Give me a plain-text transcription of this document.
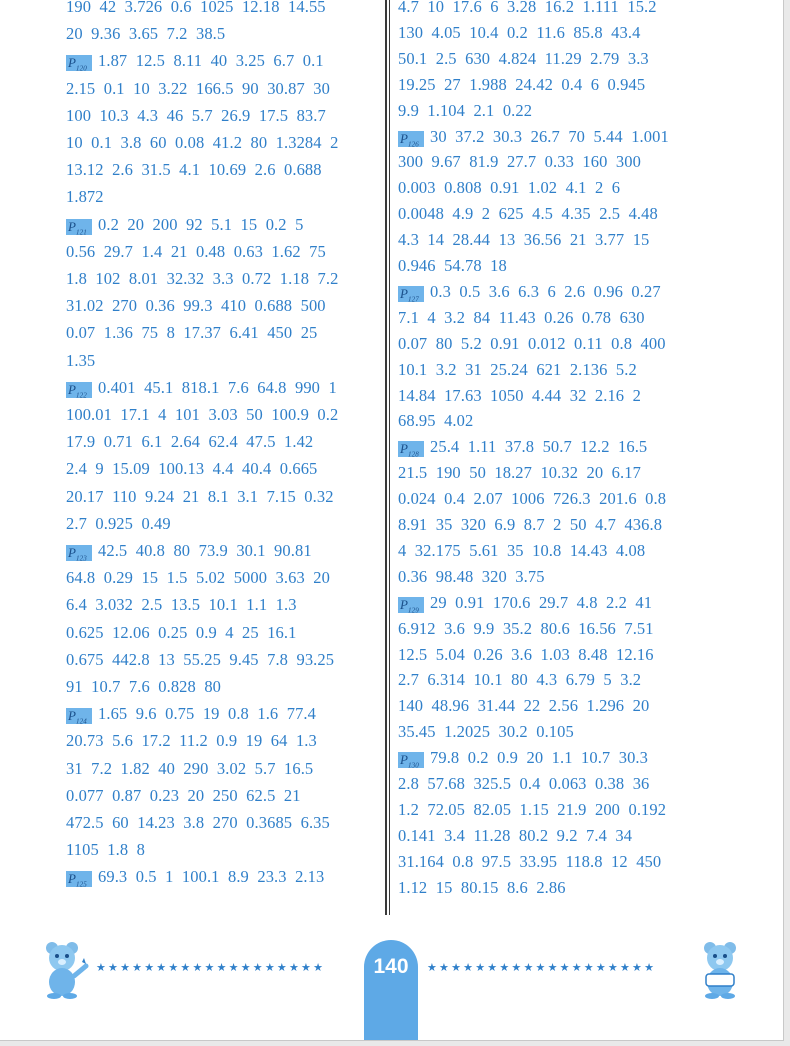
190  42  3.726  0.6  1025  12.18  14.55
20  9.36  3.65  7.2  38.5
$P_{120}$ 1.87  12.5  8.11  40  3.25  6.7  0.1
2.15  0.1  10  3.22  166.5  90  30.87  30
100  10.3  4.3  46  5.7  26.9  17.5  83.7
10  0.1  3.8  60  0.08  41.2  80  1.3284  2
13.12  2.6  31.5  4.1  10.69  2.6  0.688
1.872
$P_{121}$ 0.2  20  200  92  5.1  15  0.2  5
0.56  29.7  1.4  21  0.48  0.63  1.62  75
1.8  102  8.01  32.32  3.3  0.72  1.18  7.2
31.02  270  0.36  99.3  410  0.688  500
0.07  1.36  75  8  17.37  6.41  450  25
1.35
$P_{122}$ 0.401  45.1  818.1  7.6  64.8  990  1
100.01  17.1  4  101  3.03  50  100.9  0.2
17.9  0.71  6.1  2.64  62.4  47.5  1.42
2.4  9  15.09  100.13  4.4  40.4  0.665
20.17  110  9.24  21  8.1  3.1  7.15  0.32
2.7  0.925  0.49
$P_{123}$ 42.5  40.8  80  73.9  30.1  90.81
64.8  0.29  15  1.5  5.02  5000  3.63  20
6.4  3.032  2.5  13.5  10.1  1.1  1.3
0.625  12.06  0.25  0.9  4  25  16.1
0.675  442.8  13  55.25  9.45  7.8  93.25
91  10.7  7.6  0.828  80
$P_{124}$ 1.65  9.6  0.75  19  0.8  1.6  77.4
20.73  5.6  17.2  11.2  0.9  19  64  1.3
31  7.2  1.82  40  290  3.02  5.7  16.5
0.077  0.87  0.23  20  250  62.5  21
472.5  60  14.23  3.8  270  0.3685  6.35
1105  1.8  8
$P_{125}$ 69.3  0.5  1  100.1  8.9  23.3  2.13
4.7  10  17.6  6  3.28  16.2  1.111  15.2
130  4.05  10.4  0.2  11.6  85.8  43.4
50.1  2.5  630  4.824  11.29  2.79  3.3
19.25  27  1.988  24.42  0.4  6  0.945
9.9  1.104  2.1  0.22
$P_{126}$ 30  37.2  30.3  26.7  70  5.44  1.001
300  9.67  81.9  27.7  0.33  160  300
0.003  0.808  0.91  1.02  4.1  2  6
0.0048  4.9  2  625  4.5  4.35  2.5  4.48
4.3  14  28.44  13  36.56  21  3.77  15
0.946  54.78  18
$P_{127}$ 0.3  0.5  3.6  6.3  6  2.6  0.96  0.27
7.1  4  3.2  84  11.43  0.26  0.78  630
0.07  80  5.2  0.91  0.012  0.11  0.8  400
10.1  3.2  31  25.24  621  2.136  5.2
14.84  17.63  1050  4.44  32  2.16  2
68.95  4.02
$P_{128}$ 25.4  1.11  37.8  50.7  12.2  16.5
21.5  190  50  18.27  10.32  20  6.17
0.024  0.4  2.07  1006  726.3  201.6  0.8
8.91  35  320  6.9  8.7  2  50  4.7  436.8
4  32.175  5.61  35  10.8  14.43  4.08
0.36  98.48  320  3.75
$P_{129}$ 29  0.91  170.6  29.7  4.8  2.2  41
6.912  3.6  9.9  35.2  80.6  16.56  7.51
12.5  5.04  0.26  3.6  1.03  8.48  12.16
2.7  6.314  10.1  80  4.3  6.79  5  3.2
140  48.96  31.44  22  2.56  1.296  20
35.45  1.2025  30.2  0.105
$P_{130}$ 79.8  0.2  0.9  20  1.1  10.7  30.3
2.8  57.68  325.5  0.4  0.063  0.38  36
1.2  72.05  82.05  1.15  21.9  200  0.192
0.141  3.4  11.28  80.2  9.2  7.4  34
31.164  0.8  97.5  33.95  118.8  12  450
1.12  15  80.15  8.6  2.86
★★★★★★★★★★★★★★★★★★★	140	★★★★★★★★★★★★★★★★★★★
